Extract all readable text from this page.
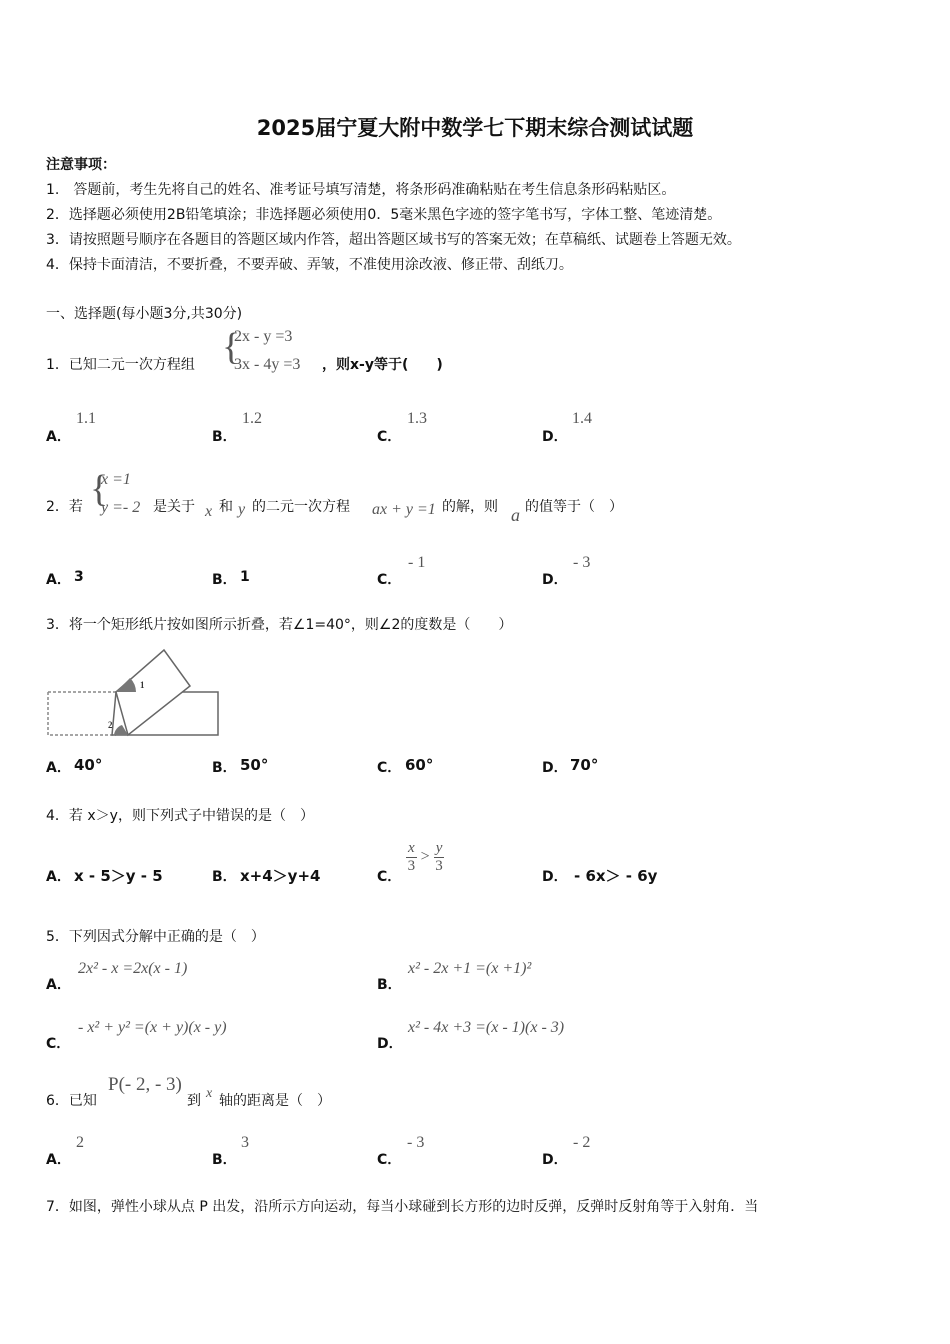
2025届宁夏大附中数学七下期末综合测试试题
注意事项：
1.　答题前，考生先将自己的姓名、准考证号填写清楚，将条形码准确粘贴在考生信息条形码粘贴区。
2．选择题必须使用2B铅笔填涂；非选择题必须使用0．5毫米黑色字迹的签字笔书写，字体工整、笔迹清楚。
3．请按照题号顺序在各题目的答题区域内作答，超出答题区域书写的答案无效；在草稿纸、试题卷上答题无效。
4．保持卡面清洁，不要折叠，不要弄破、弄皱，不准使用涂改液、修正带、刮纸刀。
一、选择题(每小题3分,共30分)
1．已知二元一次方程组 {
2x - y =3
3x - 4y =3 ，则x-y等于(　　)
A．
1.1
B．
1.2
C．
1.3
D．
1.4
2．若 {
x =1
y =- 2 是关于 x 和 y 的二元一次方程 ax + y =1 的解，则 a 的值等于（　）
A． 3	B． 1	C．
- 1
D．
- 3
3．将一个矩形纸片按如图所示折叠，若∠1=40°，则∠2的度数是（　　）
1
2
A． 40°	B． 50°	C． 60°	D． 70°
4．若 x＞y，则下列式子中错误的是（　）
A． x - 5＞y - 5	B． x+4＞y+4	C．
$\frac{x}{3} > \frac{y}{3}$
D． - 6x＞ - 6y
5．下列因式分解中正确的是（　）
A．
2x² - x =2x(x - 1)
B．
x² - 2x +1 =(x +1)²
C．
- x² + y² =(x + y)(x - y)
D．
x² - 4x +3 =(x - 1)(x - 3)
6．已知
P(- 2, - 3)
到 x 轴的距离是（　）
A．
2
B．
3
C．
- 3
D．
- 2
7．如图，弹性小球从点 P 出发，沿所示方向运动，每当小球碰到长方形的边时反弹，反弹时反射角等于入射角．当
